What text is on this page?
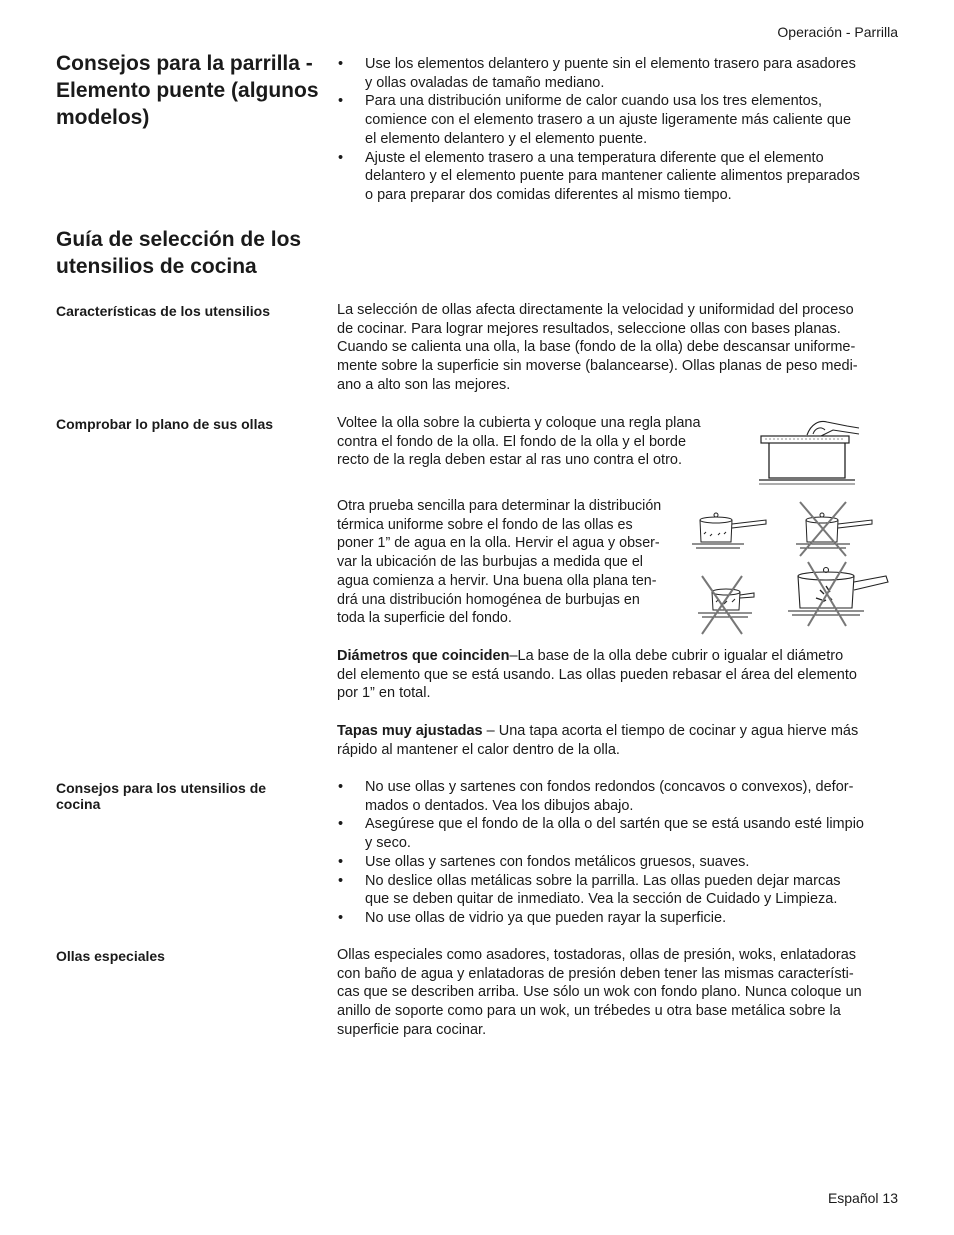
Operación - Parrilla
Consejos para la parrilla -
Elemento puente (algunos
modelos)
• Use los elementos delantero y puente sin el elemento trasero para asadores
y ollas ovaladas de tamaño mediano.
• Para una distribución uniforme de calor cuando usa los tres elementos,
comience con el elemento trasero a un ajuste ligeramente más caliente que
el elemento delantero y el elemento puente.
• Ajuste el elemento trasero a una temperatura diferente que el elemento
delantero y el elemento puente para mantener caliente alimentos preparados
o para preparar dos comidas diferentes al mismo tiempo.
Guía de selección de los
utensilios de cocina
Características de los utensilios	La selección de ollas afecta directamente la velocidad y uniformidad del proceso
de cocinar. Para lograr mejores resultados, seleccione ollas con bases planas.
Cuando se calienta una olla, la base (fondo de la olla) debe descansar uniforme-
mente sobre la superficie sin moverse (balancearse). Ollas planas de peso medi-
ano a alto son las mejores.

Comprobar lo plano de sus ollas	Voltee la olla sobre la cubierta y coloque una regla plana
contra el fondo de la olla. El fondo de la olla y el borde
recto de la regla deben estar al ras uno contra el otro.

Otra prueba sencilla para determinar la distribución
térmica uniforme sobre el fondo de las ollas es
poner 1” de agua en la olla. Hervir el agua y obser-
var la ubicación de las burbujas a medida que el
agua comienza a hervir. Una buena olla plana ten-
drá una distribución homogénea de burbujas en
toda la superficie del fondo.

Diámetros que coinciden–La base de la olla debe cubrir o igualar el diámetro
del elemento que se está usando. Las ollas pueden rebasar el área del elemento
por 1” en total.

Tapas muy ajustadas – Una tapa acorta el tiempo de cocinar y agua hierve más
rápido al mantener el calor dentro de la olla.

Consejos para los utensilios de
cocina
• No use ollas y sartenes con fondos redondos (concavos o convexos), defor-
mados o dentados. Vea los dibujos abajo.
• Asegúrese que el fondo de la olla o del sartén que se está usando esté limpio
y seco.
• Use ollas y sartenes con fondos metálicos gruesos, suaves.
• No deslice ollas metálicas sobre la parrilla. Las ollas pueden dejar marcas
que se deben quitar de inmediato. Vea la sección de Cuidado y Limpieza.
• No use ollas de vidrio ya que pueden rayar la superficie.
Ollas especiales	Ollas especiales como asadores, tostadoras, ollas de presión, woks, enlatadoras
con baño de agua y enlatadoras de presión deben tener las mismas característi-
cas que se describen arriba. Use sólo un wok con fondo plano. Nunca coloque un
anillo de soporte como para un wok, un trébedes u otra base metálica sobre la
superficie para cocinar.

Español 13
